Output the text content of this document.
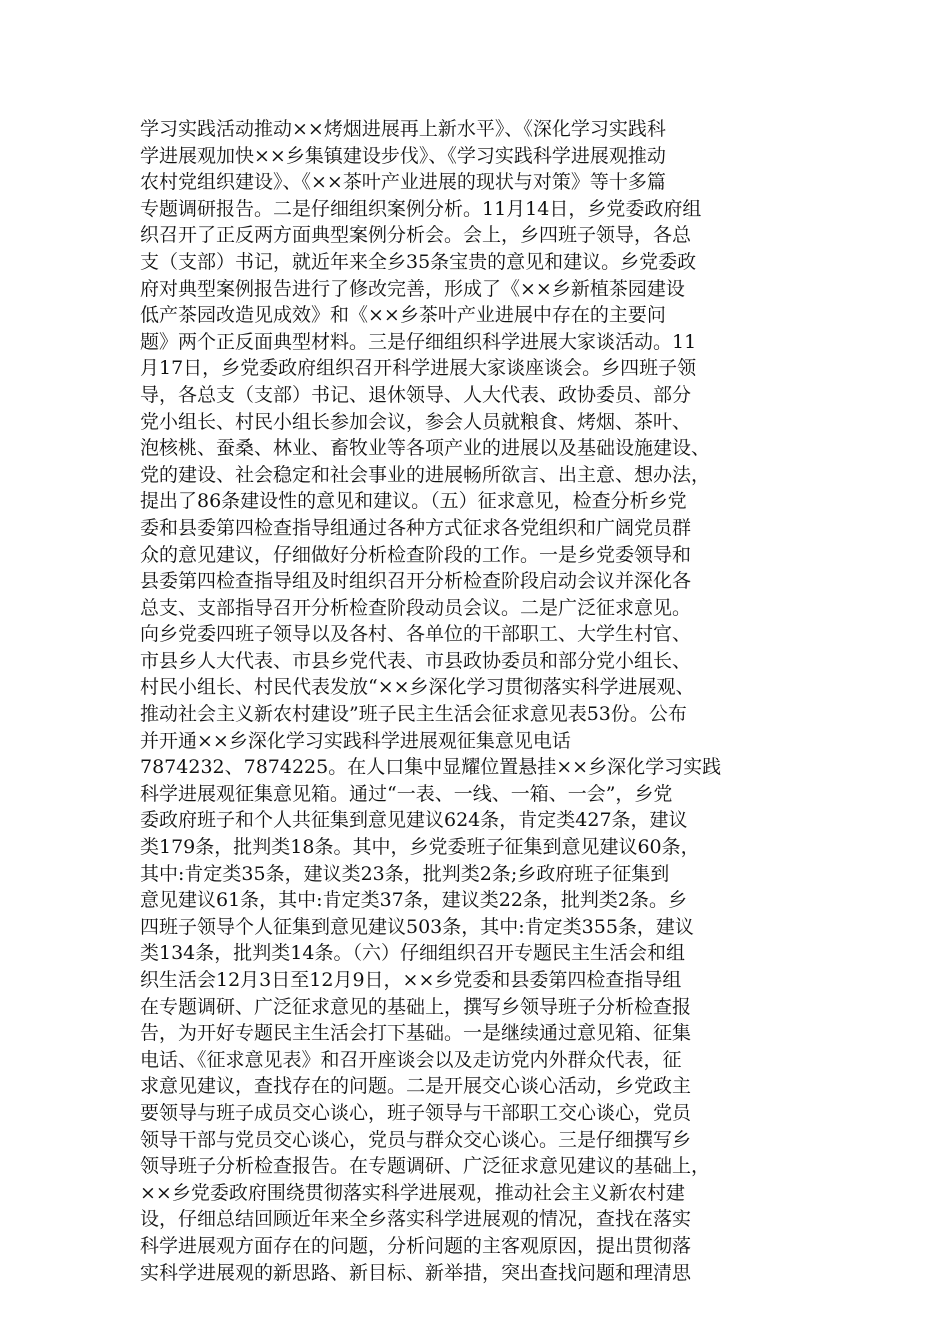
学习实践活动推动××烤烟进展再上新水平》、《深化学习实践科
学进展观加快××乡集镇建设步伐》、《学习实践科学进展观推动
农村党组织建设》、《××茶叶产业进展的现状与对策》等十多篇
专题调研报告。二是仔细组织案例分析。11月14日，乡党委政府组
织召开了正反两方面典型案例分析会。会上，乡四班子领导，各总
支（支部）书记，就近年来全乡35条宝贵的意见和建议。乡党委政
府对典型案例报告进行了修改完善，形成了《××乡新植茶园建设
低产茶园改造见成效》和《××乡茶叶产业进展中存在的主要问
题》两个正反面典型材料。三是仔细组织科学进展大家谈活动。11
月17日，乡党委政府组织召开科学进展大家谈座谈会。乡四班子领
导，各总支（支部）书记、退休领导、人大代表、政协委员、部分
党小组长、村民小组长参加会议，参会人员就粮食、烤烟、茶叶、
泡核桃、蚕桑、林业、畜牧业等各项产业的进展以及基础设施建设、
党的建设、社会稳定和社会事业的进展畅所欲言、出主意、想办法，
提出了86条建设性的意见和建议。（五）征求意见，检查分析乡党
委和县委第四检查指导组通过各种方式征求各党组织和广阔党员群
众的意见建议，仔细做好分析检查阶段的工作。一是乡党委领导和
县委第四检查指导组及时组织召开分析检查阶段启动会议并深化各
总支、支部指导召开分析检查阶段动员会议。二是广泛征求意见。
向乡党委四班子领导以及各村、各单位的干部职工、大学生村官、
市县乡人大代表、市县乡党代表、市县政协委员和部分党小组长、
村民小组长、村民代表发放“××乡深化学习贯彻落实科学进展观、
推动社会主义新农村建设”班子民主生活会征求意见表53份。公布
并开通××乡深化学习实践科学进展观征集意见电话
7874232、7874225。在人口集中显耀位置悬挂××乡深化学习实践
科学进展观征集意见箱。通过“一表、一线、一箱、一会”，乡党
委政府班子和个人共征集到意见建议624条，肯定类427条，建议
类179条，批判类18条。其中，乡党委班子征集到意见建议60条，
其中:肯定类35条，建议类23条，批判类2条;乡政府班子征集到
意见建议61条，其中:肯定类37条，建议类22条，批判类2条。乡
四班子领导个人征集到意见建议503条，其中:肯定类355条，建议
类134条，批判类14条。（六）仔细组织召开专题民主生活会和组
织生活会12月3日至12月9日，××乡党委和县委第四检查指导组
在专题调研、广泛征求意见的基础上，撰写乡领导班子分析检查报
告，为开好专题民主生活会打下基础。一是继续通过意见箱、征集
电话、《征求意见表》和召开座谈会以及走访党内外群众代表，征
求意见建议，查找存在的问题。二是开展交心谈心活动，乡党政主
要领导与班子成员交心谈心，班子领导与干部职工交心谈心，党员
领导干部与党员交心谈心，党员与群众交心谈心。三是仔细撰写乡
领导班子分析检查报告。在专题调研、广泛征求意见建议的基础上，
××乡党委政府围绕贯彻落实科学进展观，推动社会主义新农村建
设，仔细总结回顾近年来全乡落实科学进展观的情况，查找在落实
科学进展观方面存在的问题，分析问题的主客观原因，提出贯彻落
实科学进展观的新思路、新目标、新举措，突出查找问题和理清思
